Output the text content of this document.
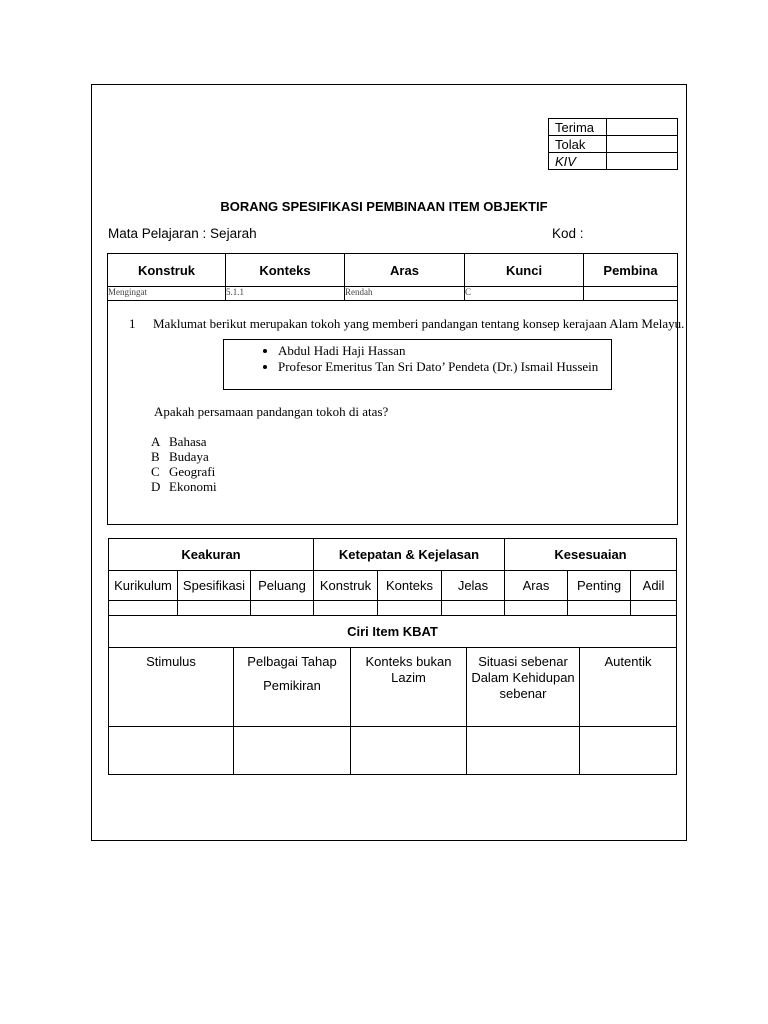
Terima	
Tolak	
KIV	
BORANG SPESIFIKASI PEMBINAAN ITEM OBJEKTIF
Mata Pelajaran : Sejarah	Kod :
Konstruk	Konteks	Aras	Kunci	Pembina
Mengingat	5.1.1	Rendah	C	
1 Maklumat berikut merupakan tokoh yang memberi pandangan tentang konsep kerajaan Alam Melayu.
• Abdul Hadi Haji Hassan
• Profesor Emeritus Tan Sri Dato’ Pendeta (Dr.) Ismail Hussein
Apakah persamaan pandangan tokoh di atas?
A Bahasa
B Budaya
C Geografi
D Ekonomi
Keakuran			Ketepatan & Kejelasan			Kesesuaian		
Kurikulum	Spesifikasi	Peluang	Konstruk	Konteks	Jelas	Aras	Penting	Adil

Ciri Item KBAT				
Stimulus	Pelbagai Tahap Pemikiran	Konteks bukan Lazim	Situasi sebenar Dalam Kehidupan sebenar	Autentik
